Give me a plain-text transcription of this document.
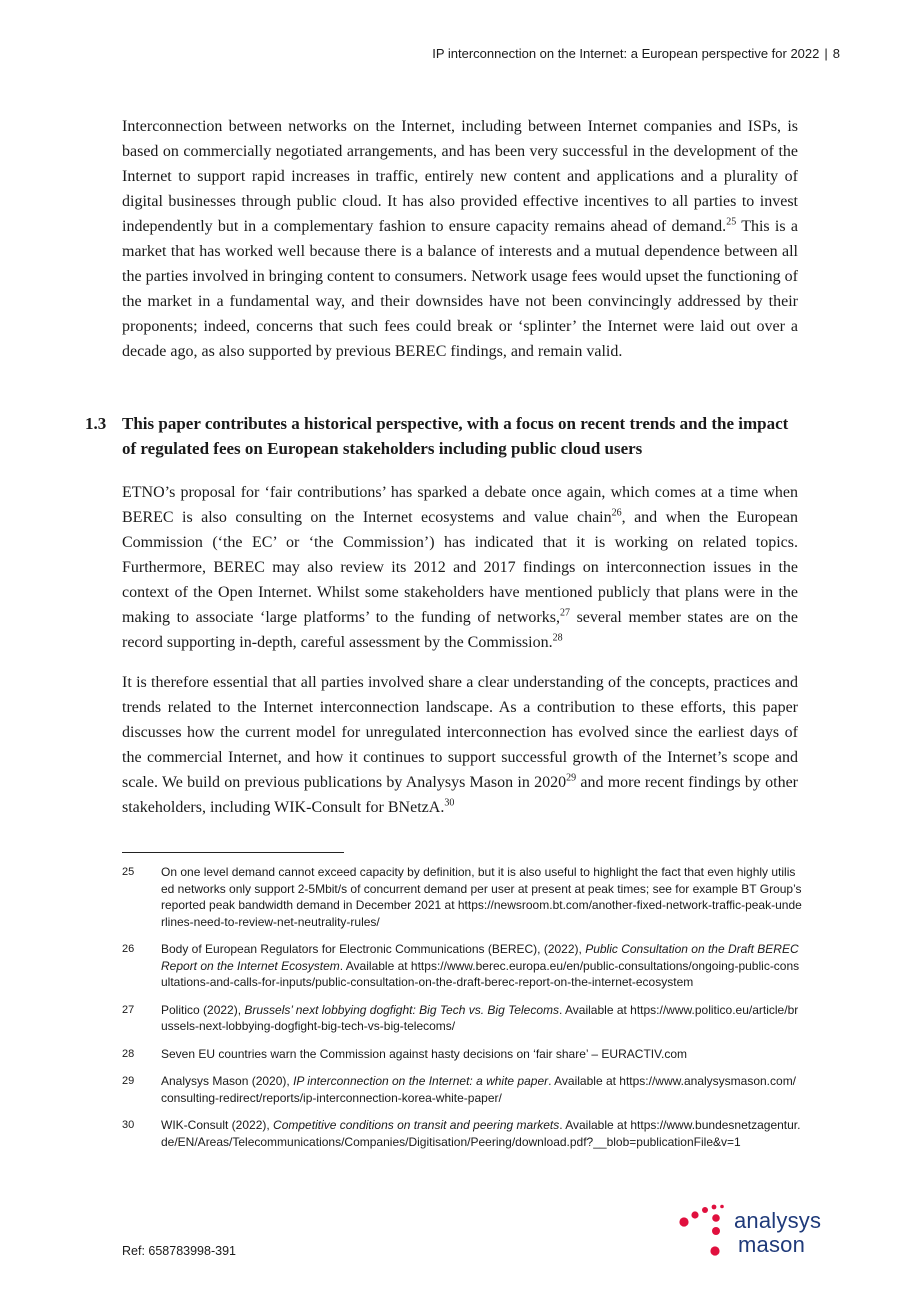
IP interconnection on the Internet: a European perspective for 2022 | 8

Interconnection between networks on the Internet, including between Internet companies and ISPs, is based on commercially negotiated arrangements, and has been very successful in the development of the Internet to support rapid increases in traffic, entirely new content and applications and a plurality of digital businesses through public cloud. It has also provided effective incentives to all parties to invest independently but in a complementary fashion to ensure capacity remains ahead of demand.$^{25}$ This is a market that has worked well because there is a balance of interests and a mutual dependence between all the parties involved in bringing content to consumers. Network usage fees would upset the functioning of the market in a fundamental way, and their downsides have not been convincingly addressed by their proponents; indeed, concerns that such fees could break or ‘splinter’ the Internet were laid out over a decade ago, as also supported by previous BEREC findings, and remain valid.

1.3 This paper contributes a historical perspective, with a focus on recent trends and the impact of regulated fees on European stakeholders including public cloud users

ETNO’s proposal for ‘fair contributions’ has sparked a debate once again, which comes at a time when BEREC is also consulting on the Internet ecosystems and value chain$^{26}$, and when the European Commission (‘the EC’ or ‘the Commission’) has indicated that it is working on related topics. Furthermore, BEREC may also review its 2012 and 2017 findings on interconnection issues in the context of the Open Internet. Whilst some stakeholders have mentioned publicly that plans were in the making to associate ‘large platforms’ to the funding of networks,$^{27}$ several member states are on the record supporting in-depth, careful assessment by the Commission.$^{28}$

It is therefore essential that all parties involved share a clear understanding of the concepts, practices and trends related to the Internet interconnection landscape. As a contribution to these efforts, this paper discusses how the current model for unregulated interconnection has evolved since the earliest days of the commercial Internet, and how it continues to support successful growth of the Internet’s scope and scale. We build on previous publications by Analysys Mason in 2020$^{29}$ and more recent findings by other stakeholders, including WIK-Consult for BNetzA.$^{30}$

25	On one level demand cannot exceed capacity by definition, but it is also useful to highlight the fact that even highly utilised networks only support 2-5Mbit/s of concurrent demand per user at present at peak times; see for example BT Group’s reported peak bandwidth demand in December 2021 at https://newsroom.bt.com/another-fixed-network-traffic-peak-underlines-need-to-review-net-neutrality-rules/
26	Body of European Regulators for Electronic Communications (BEREC), (2022), Public Consultation on the Draft BEREC Report on the Internet Ecosystem. Available at https://www.berec.europa.eu/en/public-consultations/ongoing-public-consultations-and-calls-for-inputs/public-consultation-on-the-draft-berec-report-on-the-internet-ecosystem
27	Politico (2022), Brussels’ next lobbying dogfight: Big Tech vs. Big Telecoms. Available at https://www.politico.eu/article/brussels-next-lobbying-dogfight-big-tech-vs-big-telecoms/
28	Seven EU countries warn the Commission against hasty decisions on ‘fair share’ – EURACTIV.com
29	Analysys Mason (2020), IP interconnection on the Internet: a white paper. Available at https://www.analysysmason.com/consulting-redirect/reports/ip-interconnection-korea-white-paper/
30	WIK-Consult (2022), Competitive conditions on transit and peering markets. Available at https://www.bundesnetzagentur.de/EN/Areas/Telecommunications/Companies/Digitisation/Peering/download.pdf?__blob=publicationFile&v=1
Ref: 658783998-391
analysys
mason
